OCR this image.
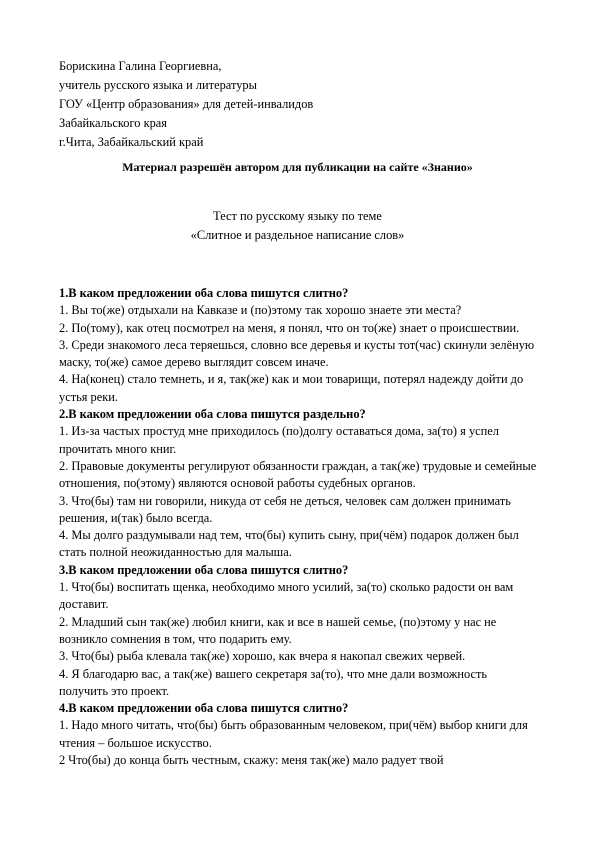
Борискина Галина Георгиевна,
учитель русского языка и литературы
ГОУ «Центр образования» для детей-инвалидов
Забайкальского края
г.Чита, Забайкальский край
Материал разрешён автором для публикации на сайте «Знанио»
Тест по русскому языку по теме
«Слитное и раздельное написание слов»

1.В каком предложении оба слова пишутся слитно?

1. Вы то(же) отдыхали на Кавказе и (по)этому так хорошо знаете эти места?

2. По(тому), как отец посмотрел на меня, я понял, что он то(же) знает о происшествии.

3. Среди знакомого леса теряешься, словно все деревья и кусты тот(час) скинули зелёную маску, то(же) самое дерево выглядит совсем иначе.

4. На(конец) стало темнеть, и я, так(же) как и мои товарищи, потерял надежду дойти до устья реки.

2.В каком предложении оба слова пишутся раздельно?

1. Из-за частых простуд мне приходилось (по)долгу оставаться дома, за(то) я успел прочитать много книг.

2. Правовые документы регулируют обязанности граждан, а так(же) трудовые и семейные отношения, по(этому) являются основой работы судебных органов.

3. Что(бы) там ни говорили, никуда от себя не деться, человек сам должен принимать решения, и(так) было всегда.

4. Мы долго раздумывали над тем, что(бы) купить сыну, при(чём) подарок должен был стать полной неожиданностью для малыша.

3.В каком предложении оба слова пишутся слитно?

1. Что(бы) воспитать щенка, необходимо много усилий, за(то) сколько радости он вам доставит.

2. Младший сын так(же) любил книги, как и все в нашей семье, (по)этому у нас не возникло сомнения в том, что подарить ему.

3. Что(бы) рыба клевала так(же) хорошо, как вчера я накопал свежих червей.

4. Я благодарю вас, а так(же) вашего секретаря за(то), что мне дали возможность получить это проект.

4.В каком предложении оба слова пишутся слитно?

1. Надо много читать, что(бы) быть образованным человеком, при(чём) выбор книги для чтения – большое искусство.

2 Что(бы) до конца быть честным, скажу: меня так(же) мало радует твой
